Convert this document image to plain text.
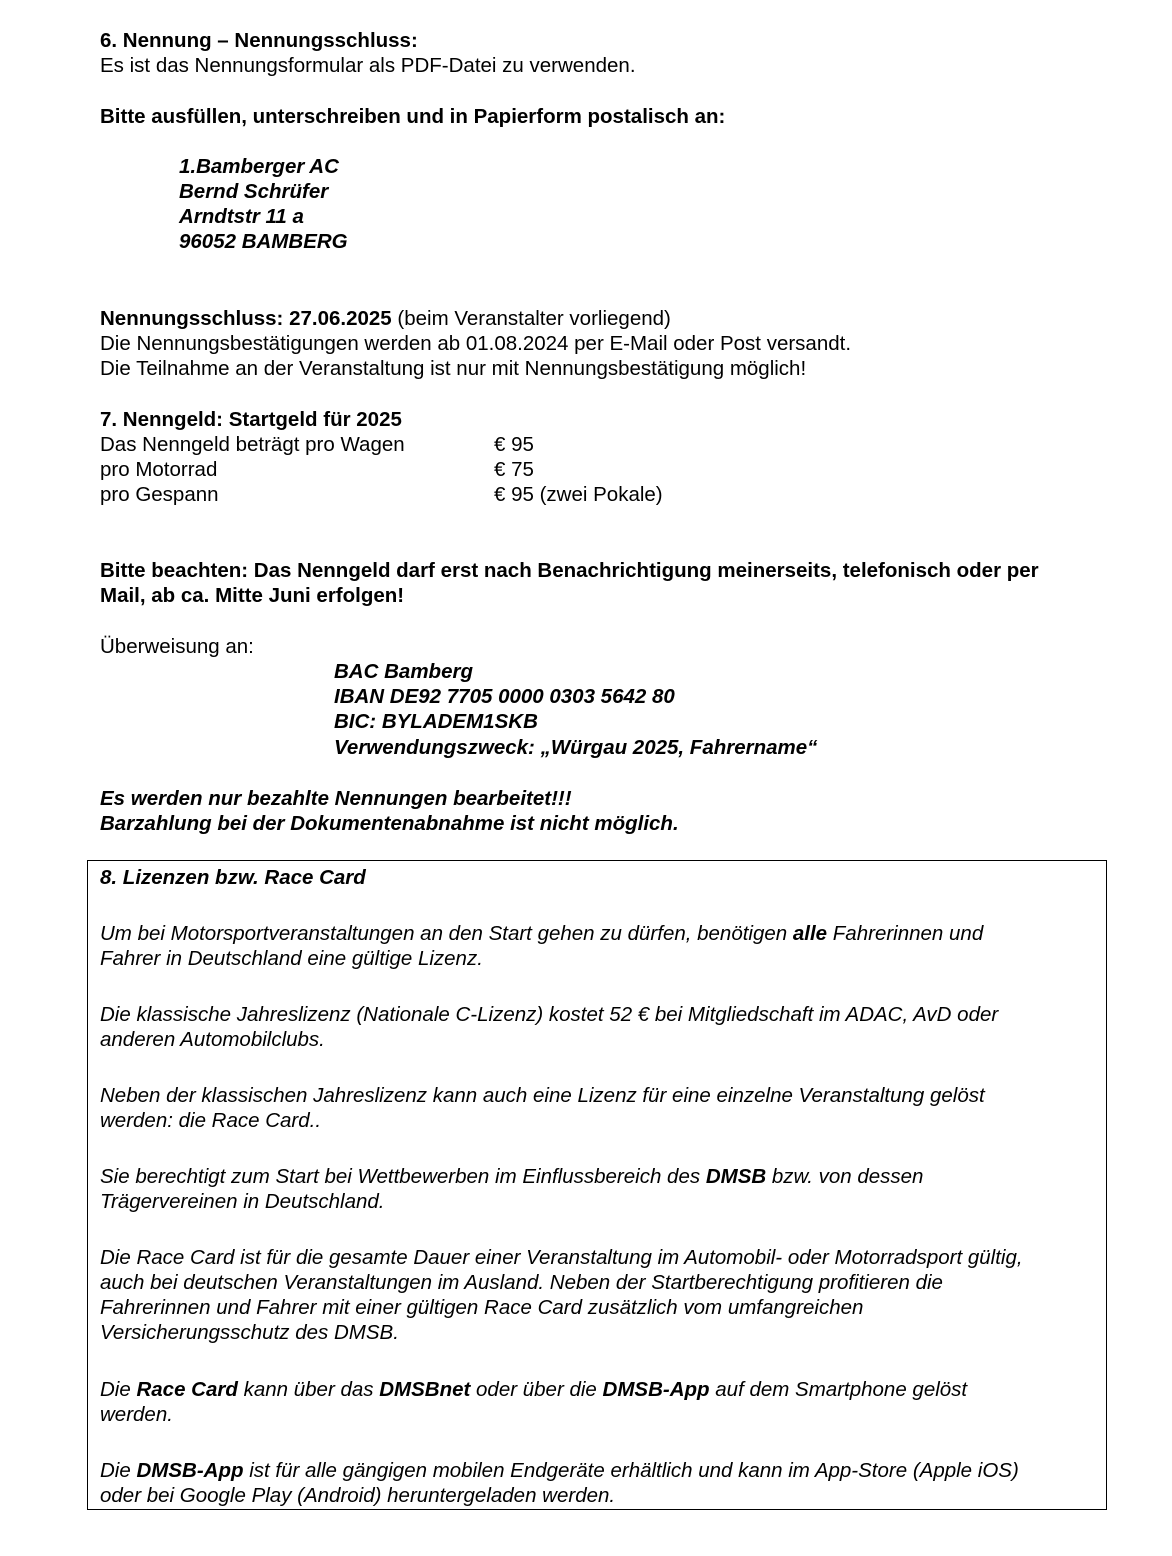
6. Nennung – Nennungsschluss:
Es ist das Nennungsformular als PDF-Datei zu verwenden.
Bitte ausfüllen, unterschreiben und in Papierform postalisch an:
1.Bamberger AC
Bernd Schrüfer
Arndtstr 11 a
96052 BAMBERG
Nennungsschluss: 27.06.2025 (beim Veranstalter vorliegend)
Die Nennungsbestätigungen werden ab 01.08.2024 per E-Mail oder Post versandt.
Die Teilnahme an der Veranstaltung ist nur mit Nennungsbestätigung möglich!
7. Nenngeld: Startgeld für 2025
Das Nenngeld beträgt pro Wagen	€ 95
pro Motorrad	€ 75
pro Gespann	€ 95 (zwei Pokale)
Bitte beachten: Das Nenngeld darf erst nach Benachrichtigung meinerseits, telefonisch oder per
Mail, ab ca. Mitte Juni erfolgen!
Überweisung an:
BAC Bamberg
IBAN DE92 7705 0000 0303 5642 80
BIC: BYLADEM1SKB
Verwendungszweck: „Würgau 2025, Fahrername“
Es werden nur bezahlte Nennungen bearbeitet!!!
Barzahlung bei der Dokumentenabnahme ist nicht möglich.
8. Lizenzen bzw. Race Card
Um bei Motorsportveranstaltungen an den Start gehen zu dürfen, benötigen alle Fahrerinnen und
Fahrer in Deutschland eine gültige Lizenz.
Die klassische Jahreslizenz (Nationale C-Lizenz) kostet 52 € bei Mitgliedschaft im ADAC, AvD oder
anderen Automobilclubs.
Neben der klassischen Jahreslizenz kann auch eine Lizenz für eine einzelne Veranstaltung gelöst
werden: die Race Card..
Sie berechtigt zum Start bei Wettbewerben im Einflussbereich des DMSB bzw. von dessen
Trägervereinen in Deutschland.
Die Race Card ist für die gesamte Dauer einer Veranstaltung im Automobil- oder Motorradsport gültig,
auch bei deutschen Veranstaltungen im Ausland. Neben der Startberechtigung profitieren die
Fahrerinnen und Fahrer mit einer gültigen Race Card zusätzlich vom umfangreichen
Versicherungsschutz des DMSB.
Die Race Card kann über das DMSBnet oder über die DMSB-App auf dem Smartphone gelöst
werden.
Die DMSB-App ist für alle gängigen mobilen Endgeräte erhältlich und kann im App-Store (Apple iOS)
oder bei Google Play (Android) heruntergeladen werden.
